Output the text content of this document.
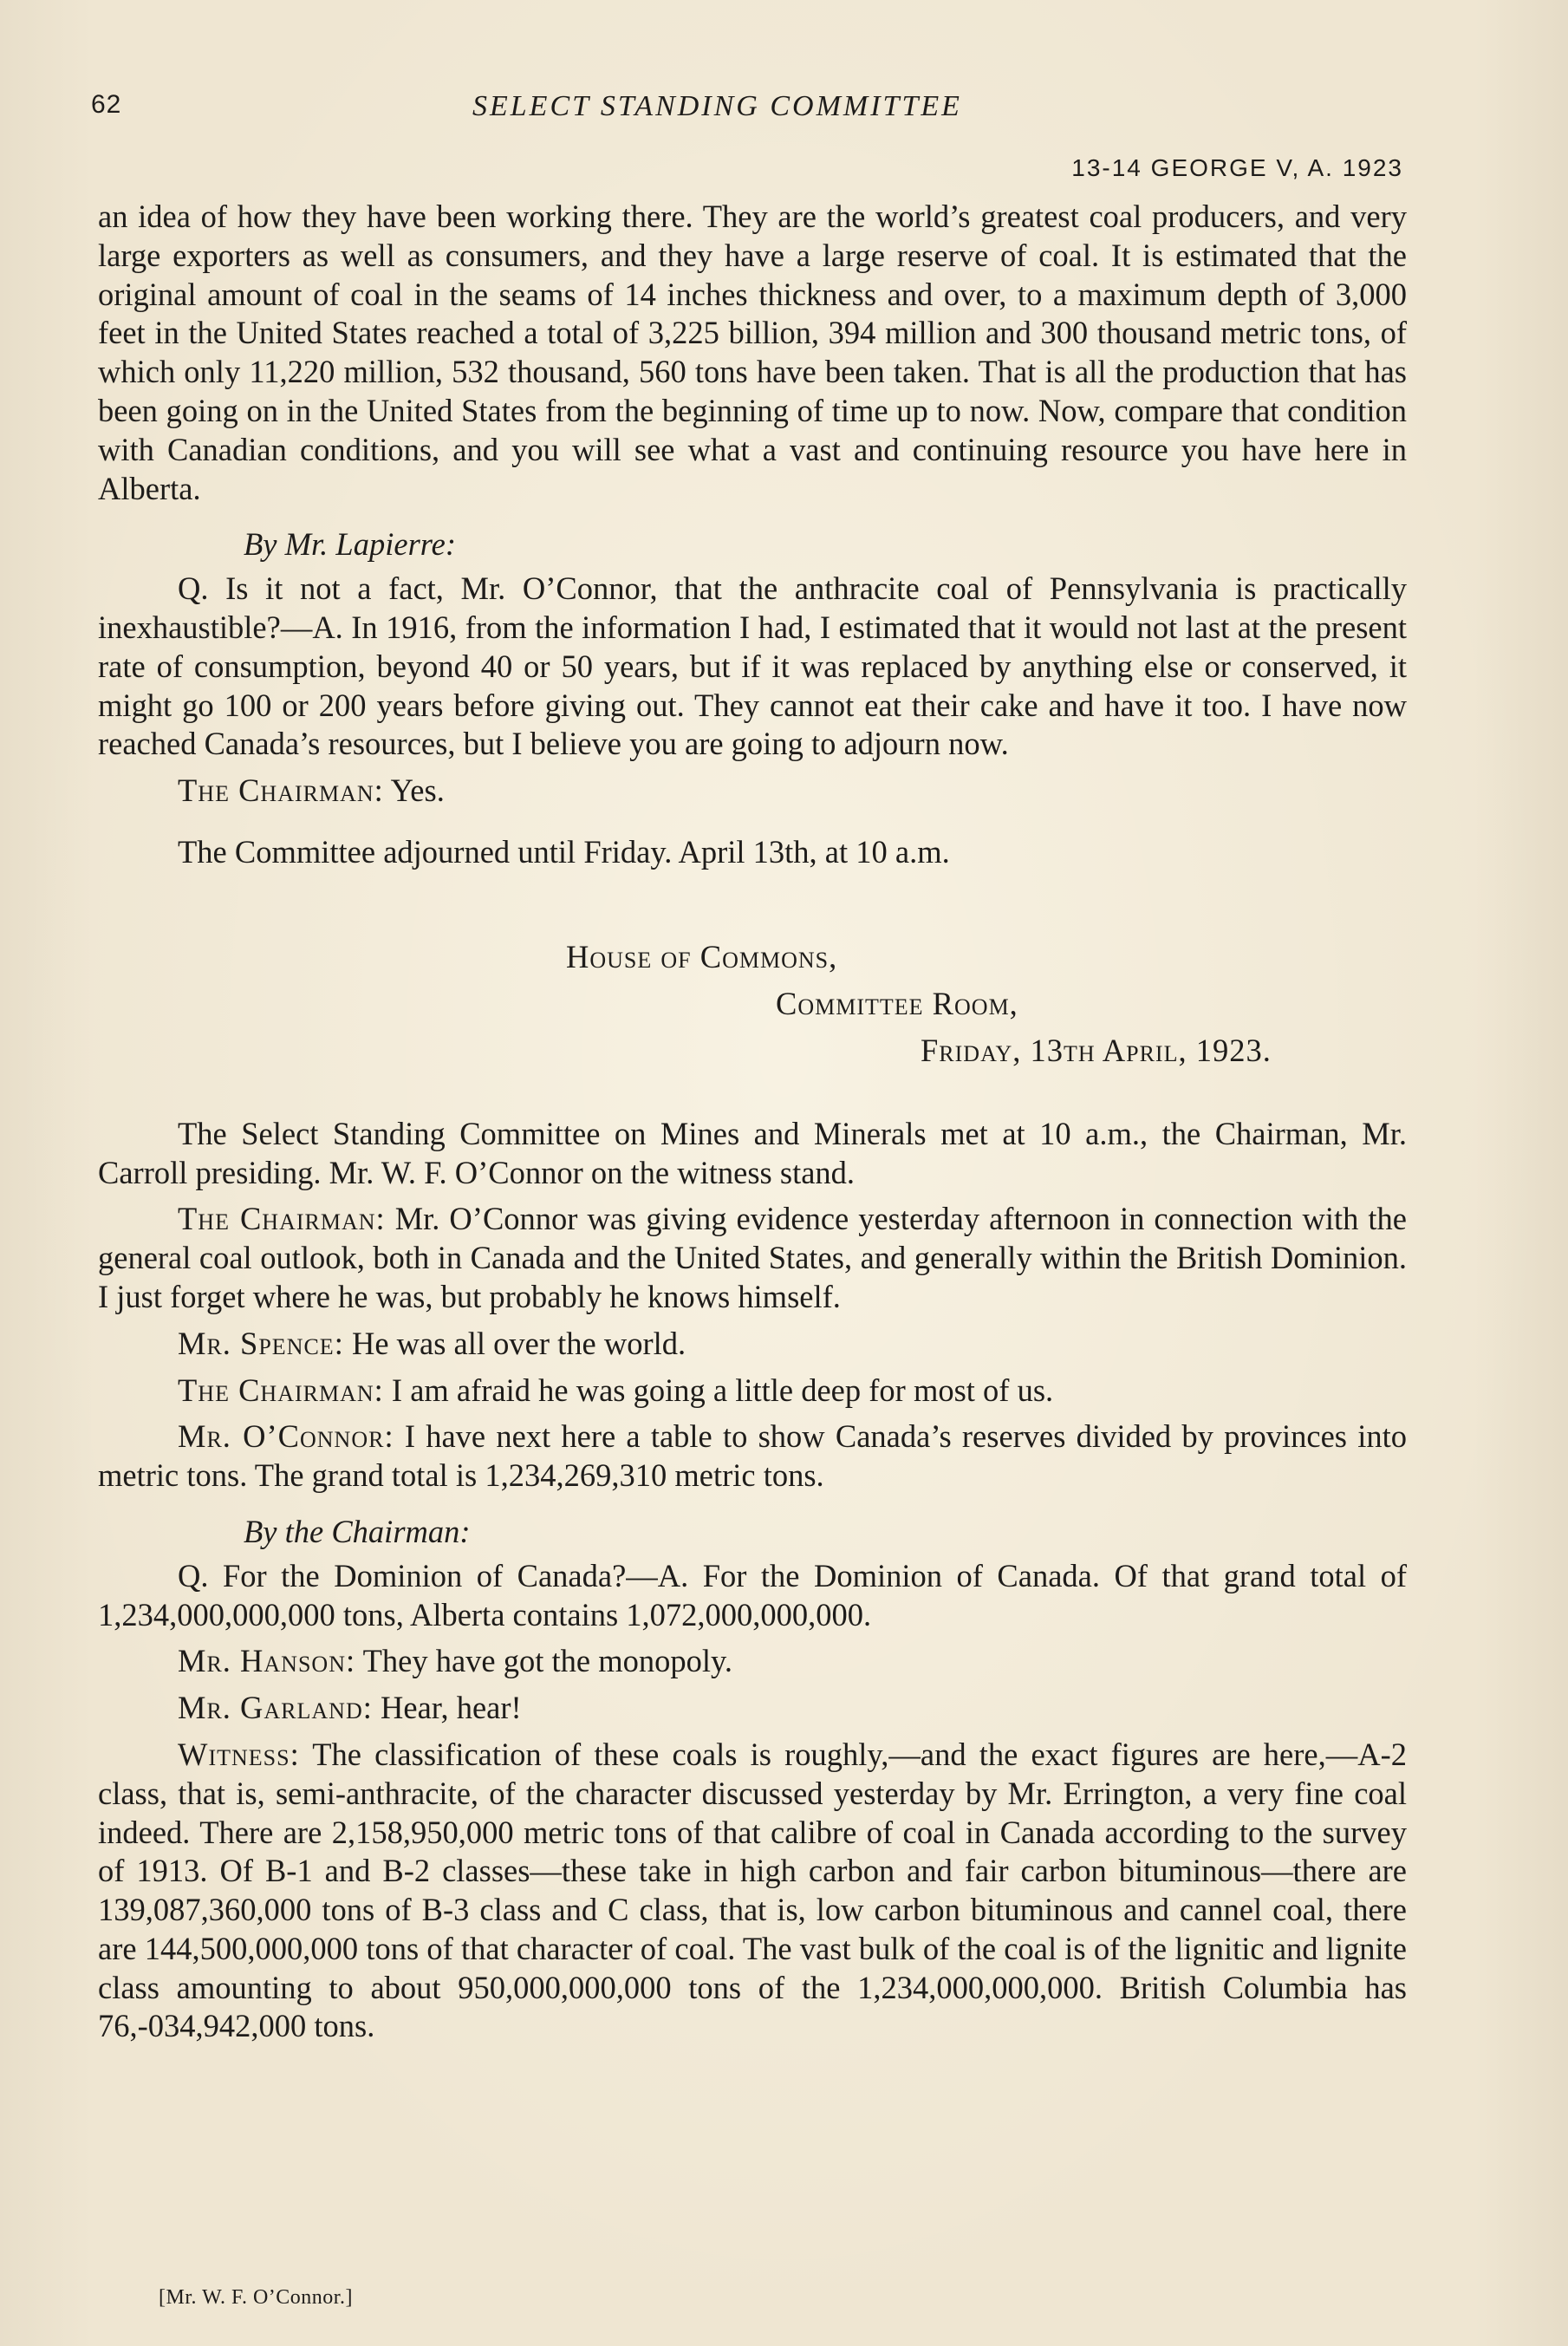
62	SELECT STANDING COMMITTEE
13-14 GEORGE V, A. 1923

an idea of how they have been working there. They are the world’s greatest coal producers, and very large exporters as well as consumers, and they have a large reserve of coal. It is estimated that the original amount of coal in the seams of 14 inches thickness and over, to a maximum depth of 3,000 feet in the United States reached a total of 3,225 billion, 394 million and 300 thousand metric tons, of which only 11,220 million, 532 thousand, 560 tons have been taken. That is all the production that has been going on in the United States from the beginning of time up to now. Now, compare that condition with Canadian conditions, and you will see what a vast and continuing resource you have here in Alberta.

By Mr. Lapierre:

Q. Is it not a fact, Mr. O’Connor, that the anthracite coal of Pennsylvania is practically inexhaustible?—A. In 1916, from the information I had, I estimated that it would not last at the present rate of consumption, beyond 40 or 50 years, but if it was replaced by anything else or conserved, it might go 100 or 200 years before giving out. They cannot eat their cake and have it too. I have now reached Canada’s resources, but I believe you are going to adjourn now.

The Chairman: Yes.

The Committee adjourned until Friday. April 13th, at 10 a.m.

House of Commons,
Committee Room,
Friday, 13th April, 1923.

The Select Standing Committee on Mines and Minerals met at 10 a.m., the Chairman, Mr. Carroll presiding. Mr. W. F. O’Connor on the witness stand.

The Chairman: Mr. O’Connor was giving evidence yesterday afternoon in connection with the general coal outlook, both in Canada and the United States, and generally within the British Dominion. I just forget where he was, but probably he knows himself.

Mr. Spence: He was all over the world.

The Chairman: I am afraid he was going a little deep for most of us.

Mr. O’Connor: I have next here a table to show Canada’s reserves divided by provinces into metric tons. The grand total is 1,234,269,310 metric tons.

By the Chairman:

Q. For the Dominion of Canada?—A. For the Dominion of Canada. Of that grand total of 1,234,000,000,000 tons, Alberta contains 1,072,000,000,000.

Mr. Hanson: They have got the monopoly.

Mr. Garland: Hear, hear!

Witness: The classification of these coals is roughly,—and the exact figures are here,—A-2 class, that is, semi-anthracite, of the character discussed yesterday by Mr. Errington, a very fine coal indeed. There are 2,158,950,000 metric tons of that calibre of coal in Canada according to the survey of 1913. Of B-1 and B-2 classes—these take in high carbon and fair carbon bituminous—there are 139,087,360,000 tons of B-3 class and C class, that is, low carbon bituminous and cannel coal, there are 144,500,000,000 tons of that character of coal. The vast bulk of the coal is of the lignitic and lignite class amounting to about 950,000,000,000 tons of the 1,234,000,000,000. British Columbia has 76,-034,942,000 tons.

[Mr. W. F. O’Connor.]
